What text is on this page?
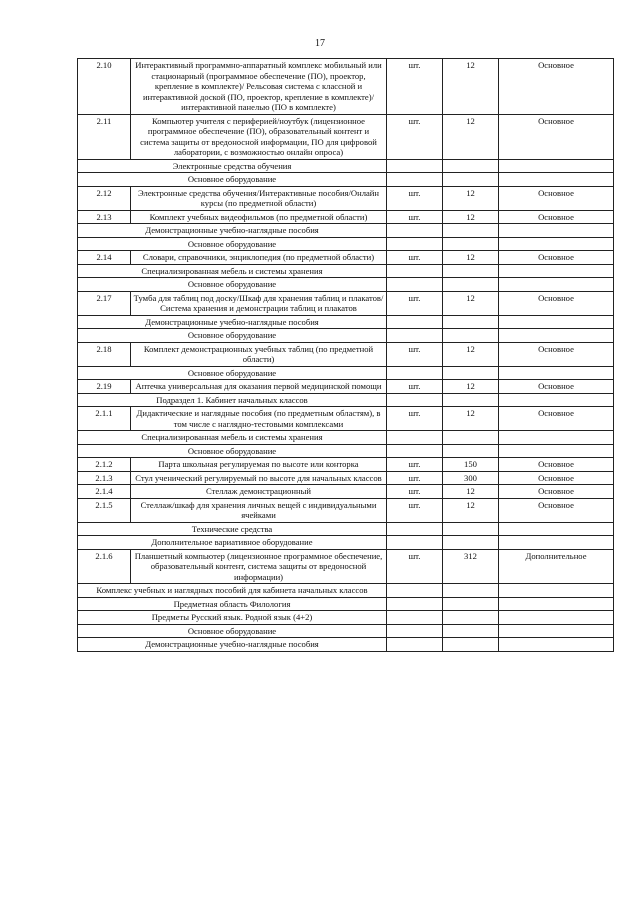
17
2.10	Интерактивный программно-аппаратный комплекс мобильный или стационарный (программное обеспечение (ПО), проектор, крепление в комплекте)/ Рельсовая система с классной и интерактивной доской (ПО, проектор, крепление в комплекте)/ интерактивной панелью (ПО в комплекте)	шт.	12	Основное
2.11	Компьютер учителя с периферией/ноутбук (лицензионное программное обеспечение (ПО), образовательный контент и система защиты от вредоносной информации, ПО для цифровой лаборатории, с возможностью онлайн опроса)	шт.	12	Основное
Электронные средства обучения				
Основное оборудование				
2.12	Электронные средства обучения/Интерактивные пособия/Онлайн курсы (по предметной области)	шт.	12	Основное
2.13	Комплект учебных видеофильмов (по предметной области)	шт.	12	Основное
Демонстрационные учебно-наглядные пособия				
Основное оборудование				
2.14	Словари, справочники, энциклопедия (по предметной области)	шт.	12	Основное
Специализированная мебель и системы хранения				
Основное оборудование				
2.17	Тумба для таблиц под доску/Шкаф для хранения таблиц и плакатов/Система хранения и демонстрации таблиц и плакатов	шт.	12	Основное
Демонстрационные учебно-наглядные пособия				
Основное оборудование				
2.18	Комплект демонстрационных учебных таблиц (по предметной области)	шт.	12	Основное
Основное оборудование				
2.19	Аптечка универсальная для оказания первой медицинской помощи	шт.	12	Основное
Подраздел 1. Кабинет начальных классов				
2.1.1	Дидактические и наглядные пособия (по предметным областям), в том числе с наглядно-тестовыми комплексами	шт.	12	Основное
Специализированная мебель и системы хранения				
Основное оборудование				
2.1.2	Парта школьная регулируемая по высоте или конторка	шт.	150	Основное
2.1.3	Стул ученический регулируемый по высоте для начальных классов	шт.	300	Основное
2.1.4	Стеллаж демонстрационный	шт.	12	Основное
2.1.5	Стеллаж/шкаф для хранения личных вещей с индивидуальными ячейками	шт.	12	Основное
Технические средства				
Дополнительное вариативное оборудование				
2.1.6	Планшетный компьютер (лицензионное программное обеспечение, образовательный контент, система защиты от вредоносной информации)	шт.	312	Дополнительное
Комплекс учебных и наглядных пособий для кабинета начальных классов				
Предметная область Филология				
Предметы Русский язык. Родной язык (4+2)				
Основное оборудование				
Демонстрационные учебно-наглядные пособия				
